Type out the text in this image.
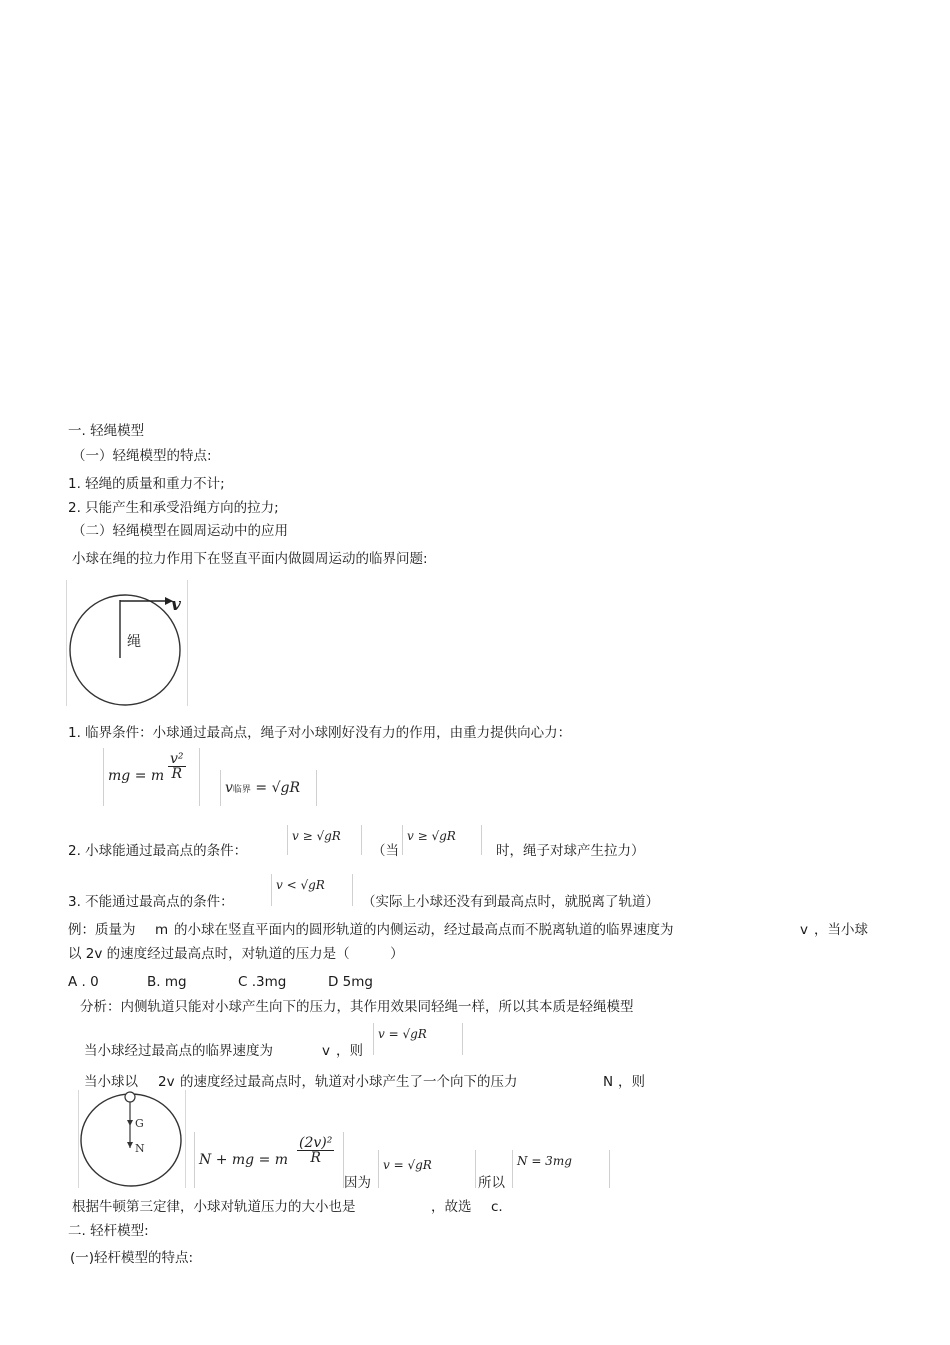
一. 轻绳模型
（一）轻绳模型的特点:
1. 轻绳的质量和重力不计;
2. 只能产生和承受沿绳方向的拉力;
（二）轻绳模型在圆周运动中的应用
小球在绳的拉力作用下在竖直平面内做圆周运动的临界问题:
v
绳
1. 临界条件：小球通过最高点，绳子对小球刚好没有力的作用，由重力提供向心力：
mg = m $\frac{\text{v²}}{R}$
v临界 = √gR
2. 小球能通过最高点的条件：
v ≥ √gR
（当
v ≥ √gR
时，绳子对球产生拉力）
3. 不能通过最高点的条件：
v < √gR
（实际上小球还没有到最高点时，就脱离了轨道）
例：质量为 m 的小球在竖直平面内的圆形轨道的内侧运动，经过最高点而不脱离轨道的临界速度为	v ，当小球
以 2v 的速度经过最高点时，对轨道的压力是（　　　）
A . 0	B. mg	C .3mg	D 5mg
分析：内侧轨道只能对小球产生向下的压力，其作用效果同轻绳一样，所以其本质是轻绳模型
当小球经过最高点的临界速度为	v ，则
v = √gR
当小球以 2v 的速度经过最高点时，轨道对小球产生了一个向下的压力	N ，则
G
N
N + mg = m $\frac{\text{(2v)²}}{R}$
因为
v = √gR
所以
N = 3mg
根据牛顿第三定律，小球对轨道压力的大小也是	，故选 c.
二. 轻杆模型:
(一)轻杆模型的特点:
